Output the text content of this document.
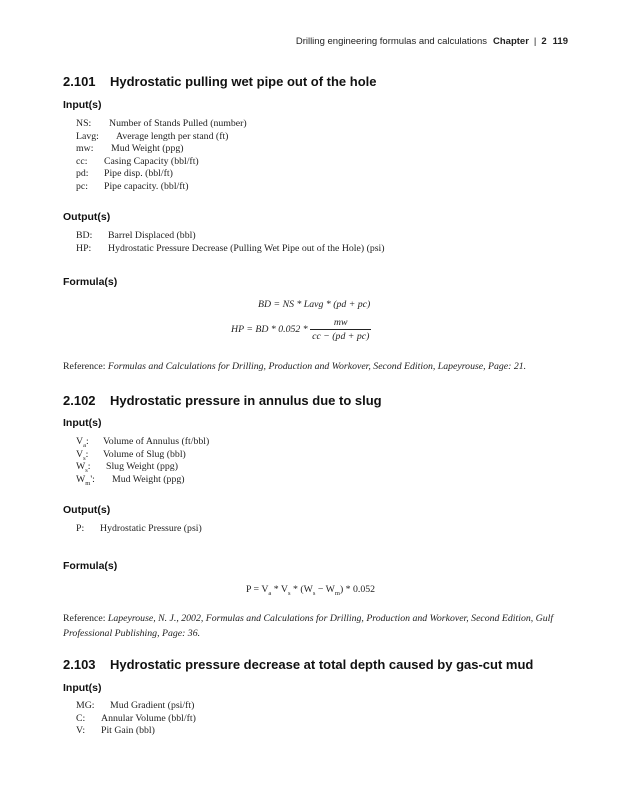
Drilling engineering formulas and calculations Chapter | 2 119
2.101 Hydrostatic pulling wet pipe out of the hole
Input(s)
NS: Number of Stands Pulled (number)
Lavg: Average length per stand (ft)
mw: Mud Weight (ppg)
cc: Casing Capacity (bbl/ft)
pd: Pipe disp. (bbl/ft)
pc: Pipe capacity. (bbl/ft)
Output(s)
BD: Barrel Displaced (bbl)
HP: Hydrostatic Pressure Decrease (Pulling Wet Pipe out of the Hole) (psi)
Formula(s)
BD = NS * Lavg * (pd + pc)
HP = BD * $0.052 * \frac{mw}{cc - (pd + pc)}$
Reference: Formulas and Calculations for Drilling, Production and Workover, Second Edition, Lapeyrouse, Page: 21.
2.102 Hydrostatic pressure in annulus due to slug
Input(s)
$V_a$: Volume of Annulus (ft/bbl)
$V_s$: Volume of Slug (bbl)
$W_s$: Slug Weight (ppg)
$W_m'$: Mud Weight (ppg)
Output(s)
P: Hydrostatic Pressure (psi)
Formula(s)
$P = V_a * V_s * (W_s - W_m) * 0.052$
Reference: Lapeyrouse, N. J., 2002, Formulas and Calculations for Drilling, Production and Workover, Second Edition, Gulf Professional Publishing, Page: 36.
2.103 Hydrostatic pressure decrease at total depth caused by gas-cut mud
Input(s)
MG: Mud Gradient (psi/ft)
C: Annular Volume (bbl/ft)
V: Pit Gain (bbl)
